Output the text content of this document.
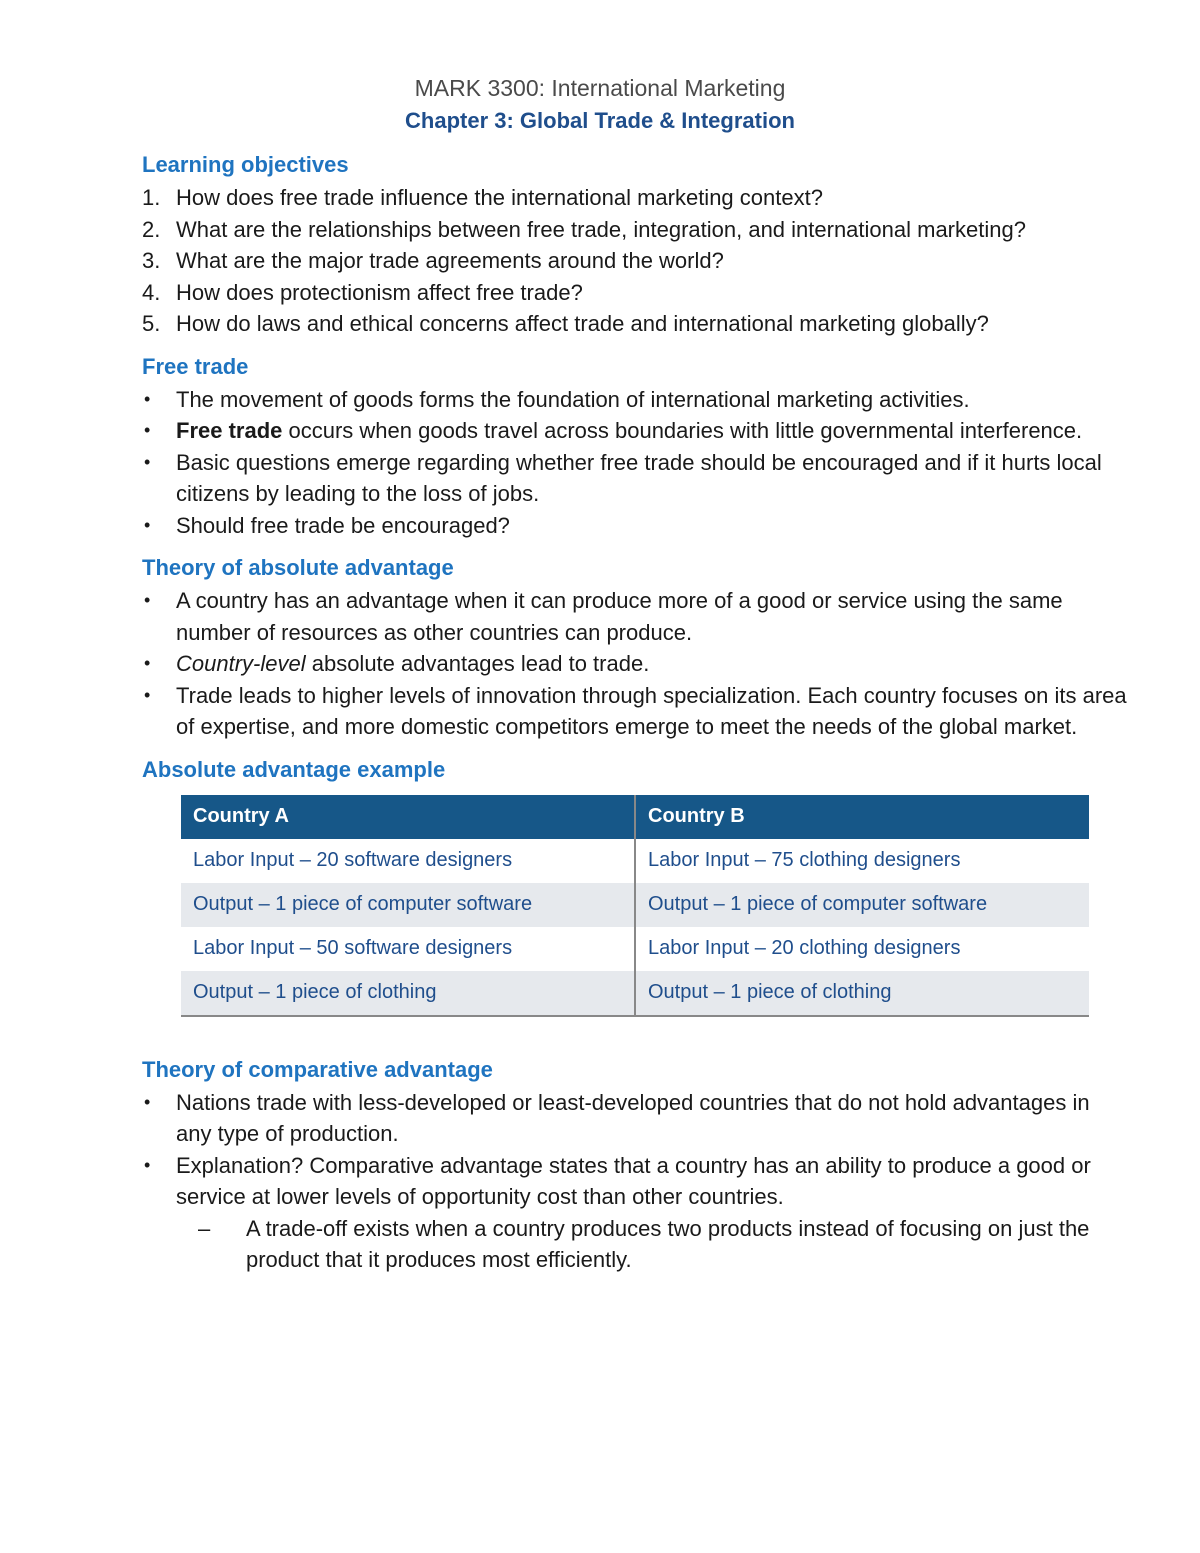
MARK 3300: International Marketing
Chapter 3: Global Trade & Integration
Learning objectives
1. How does free trade influence the international marketing context?
2. What are the relationships between free trade, integration, and international marketing?
3. What are the major trade agreements around the world?
4. How does protectionism affect free trade?
5. How do laws and ethical concerns affect trade and international marketing globally?
Free trade
• The movement of goods forms the foundation of international marketing activities.
• Free trade occurs when goods travel across boundaries with little governmental interference.
• Basic questions emerge regarding whether free trade should be encouraged and if it hurts local citizens by leading to the loss of jobs.
• Should free trade be encouraged?
Theory of absolute advantage
• A country has an advantage when it can produce more of a good or service using the same number of resources as other countries can produce.
• Country-level absolute advantages lead to trade.
• Trade leads to higher levels of innovation through specialization. Each country focuses on its area of expertise, and more domestic competitors emerge to meet the needs of the global market.
Absolute advantage example
Country A	Country B
Labor Input – 20 software designers	Labor Input – 75 clothing designers
Output – 1 piece of computer software	Output – 1 piece of computer software
Labor Input – 50 software designers	Labor Input – 20 clothing designers
Output – 1 piece of clothing	Output – 1 piece of clothing
Theory of comparative advantage
• Nations trade with less-developed or least-developed countries that do not hold advantages in any type of production.
• Explanation? Comparative advantage states that a country has an ability to produce a good or service at lower levels of opportunity cost than other countries.
– A trade-off exists when a country produces two products instead of focusing on just the product that it produces most efficiently.
